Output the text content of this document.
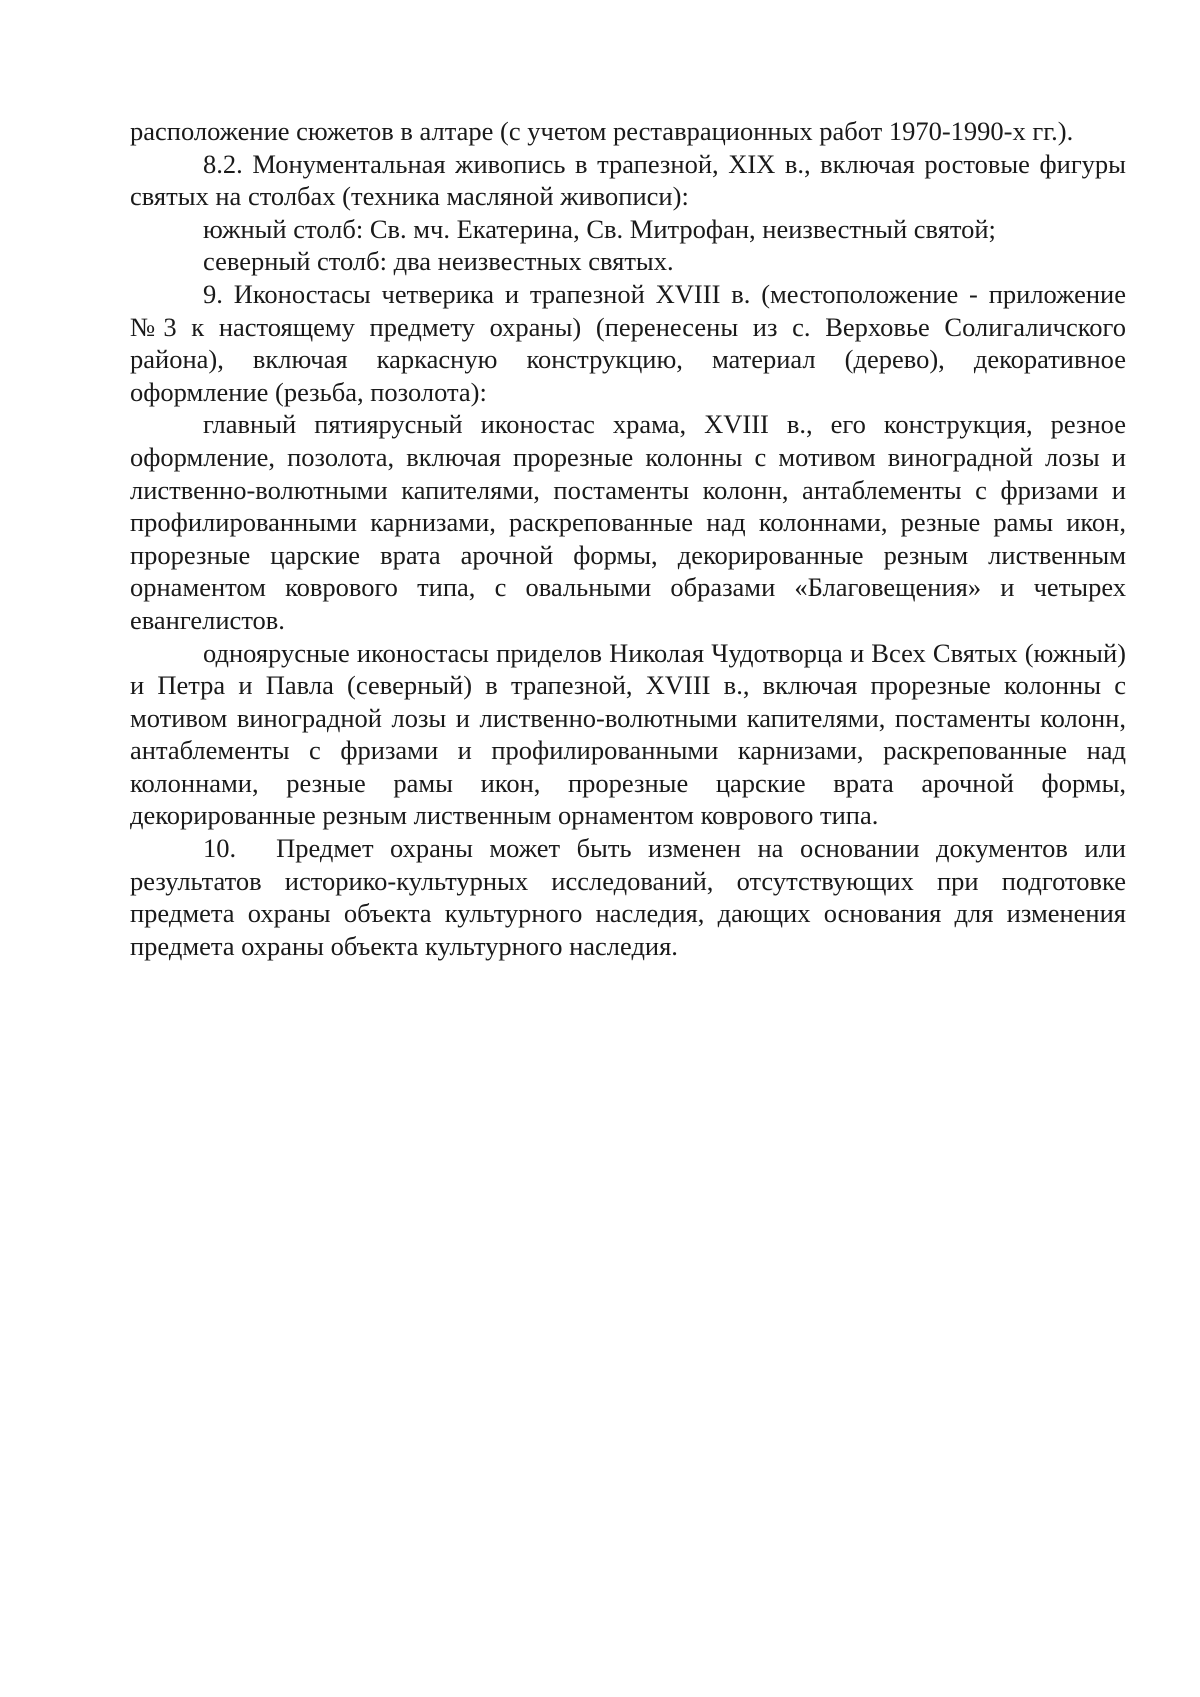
расположение сюжетов в алтаре (с учетом реставрационных работ 1970-1990-х гг.).

8.2. Монументальная живопись в трапезной, XIX в., включая ростовые фигуры святых на столбах (техника масляной живописи):

южный столб: Св. мч. Екатерина, Св. Митрофан, неизвестный святой;

северный столб: два неизвестных святых.

9. Иконостасы четверика и трапезной XVIII в. (местоположение - приложение №3 к настоящему предмету охраны) (перенесены из с. Верховье Солигаличского района), включая каркасную конструкцию, материал (дерево), декоративное оформление (резьба, позолота):

главный пятиярусный иконостас храма, XVIII в., его конструкция, резное оформление, позолота, включая прорезные колонны с мотивом виноградной лозы и лиственно-волютными капителями, постаменты колонн, антаблементы с фризами и профилированными карнизами, раскрепованные над колоннами, резные рамы икон, прорезные царские врата арочной формы, декорированные резным лиственным орнаментом коврового типа, с овальными образами «Благовещения» и четырех евангелистов.

одноярусные иконостасы приделов Николая Чудотворца и Всех Святых (южный) и Петра и Павла (северный) в трапезной, XVIII в., включая прорезные колонны с мотивом виноградной лозы и лиственно-волютными капителями, постаменты колонн, антаблементы с фризами и профилированными карнизами, раскрепованные над колоннами, резные рамы икон, прорезные царские врата арочной формы, декорированные резным лиственным орнаментом коврового типа.

10. Предмет охраны может быть изменен на основании документов или результатов историко-культурных исследований, отсутствующих при подготовке предмета охраны объекта культурного наследия, дающих основания для изменения предмета охраны объекта культурного наследия.
